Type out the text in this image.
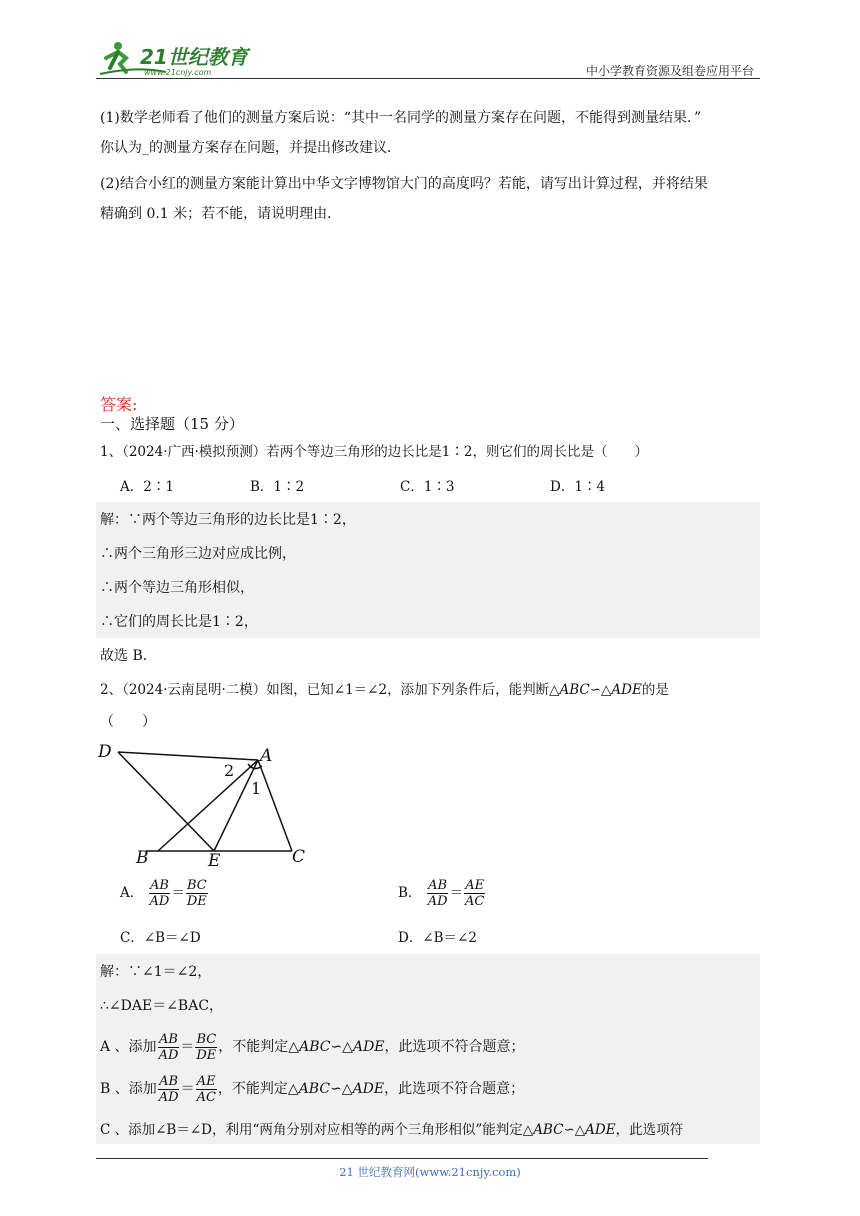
21世纪教育
www.21cnjy.com	中小学教育资源及组卷应用平台
(1)数学老师看了他们的测量方案后说：“其中一名同学的测量方案存在问题，不能得到测量结果．”
你认为_的测量方案存在问题，并提出修改建议．
(2)结合小红的测量方案能计算出中华文字博物馆大门的高度吗？若能，请写出计算过程，并将结果
精确到 0.1 米；若不能，请说明理由．
答案:
一、选择题（15 分）
1、（2024·广西·模拟预测）若两个等边三角形的边长比是1∶2，则它们的周长比是（　　）
A．2∶1	B．1∶2	C．1∶3	D．1∶4
解：∵两个等边三角形的边长比是1∶2，
∴两个三角形三边对应成比例，
∴两个等边三角形相似，
∴它们的周长比是1∶2，
故选 B．
2、（2024·云南昆明·二模）如图，已知∠1＝∠2，添加下列条件后，能判断△ABC∽△ADE的是
（　　）
D	A
B	E	C
1
2
A． $\frac{AB}{AD} = \frac{BC}{DE}$	B． $\frac{AB}{AD} = \frac{AE}{AC}$
C．∠B＝∠D	D．∠B＝∠2
解：∵∠1＝∠2，
∴∠DAE＝∠BAC，
A 、添加 $\frac{AB}{AD} = \frac{BC}{DE}$ ，不能判定△ ABC ∽△ ADE ，此选项不符合题意；
B 、添加 $\frac{AB}{AD} = \frac{AE}{AC}$ ，不能判定△ ABC ∽△ ADE ，此选项不符合题意；
C 、添加∠B＝∠D，利用“两角分别对应相等的两个三角形相似”能判定△ABC∽△ADE，此选项符
21 世纪教育网(www.21cnjy.com)
